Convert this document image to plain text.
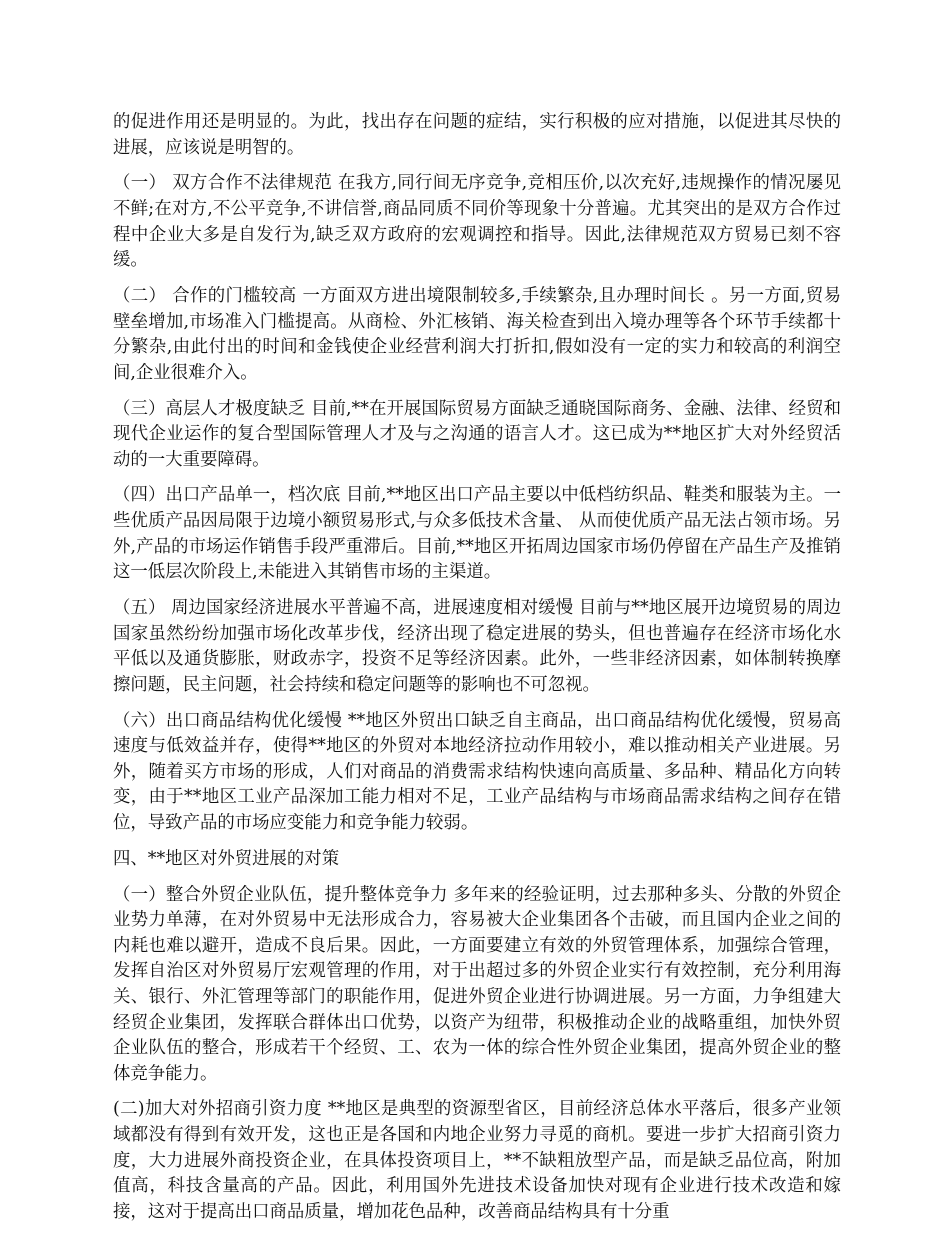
的促进作用还是明显的。为此，找出存在问题的症结，实行积极的应对措施，以促进其尽快的进展，应该说是明智的。

（一） 双方合作不法律规范 在我方,同行间无序竞争,竞相压价,以次充好,违规操作的情况屡见不鲜;在对方,不公平竞争,不讲信誉,商品同质不同价等现象十分普遍。尤其突出的是双方合作过程中企业大多是自发行为,缺乏双方政府的宏观调控和指导。因此,法律规范双方贸易已刻不容缓。

（二） 合作的门槛较高 一方面双方进出境限制较多,手续繁杂,且办理时间长 。另一方面,贸易壁垒增加,市场准入门槛提高。从商检、外汇核销、海关检查到出入境办理等各个环节手续都十分繁杂,由此付出的时间和金钱使企业经营利润大打折扣,假如没有一定的实力和较高的利润空间,企业很难介入。

（三）高层人才极度缺乏 目前,**在开展国际贸易方面缺乏通晓国际商务、金融、法律、经贸和现代企业运作的复合型国际管理人才及与之沟通的语言人才。这已成为**地区扩大对外经贸活动的一大重要障碍。

（四）出口产品单一，档次底 目前,**地区出口产品主要以中低档纺织品、鞋类和服装为主。一些优质产品因局限于边境小额贸易形式,与众多低技术含量、 从而使优质产品无法占领市场。另外,产品的市场运作销售手段严重滞后。目前,**地区开拓周边国家市场仍停留在产品生产及推销这一低层次阶段上,未能进入其销售市场的主渠道。

（五） 周边国家经济进展水平普遍不高，进展速度相对缓慢 目前与**地区展开边境贸易的周边国家虽然纷纷加强市场化改革步伐，经济出现了稳定进展的势头，但也普遍存在经济市场化水平低以及通货膨胀，财政赤字，投资不足等经济因素。此外，一些非经济因素，如体制转换摩擦问题，民主问题，社会持续和稳定问题等的影响也不可忽视。

（六）出口商品结构优化缓慢 **地区外贸出口缺乏自主商品，出口商品结构优化缓慢，贸易高速度与低效益并存，使得**地区的外贸对本地经济拉动作用较小，难以推动相关产业进展。另外，随着买方市场的形成，人们对商品的消费需求结构快速向高质量、多品种、精品化方向转变，由于**地区工业产品深加工能力相对不足，工业产品结构与市场商品需求结构之间存在错位，导致产品的市场应变能力和竞争能力较弱。

四、**地区对外贸进展的对策

（一）整合外贸企业队伍，提升整体竞争力 多年来的经验证明，过去那种多头、分散的外贸企业势力单薄，在对外贸易中无法形成合力，容易被大企业集团各个击破，而且国内企业之间的内耗也难以避开，造成不良后果。因此，一方面要建立有效的外贸管理体系，加强综合管理，发挥自治区对外贸易厅宏观管理的作用，对于出超过多的外贸企业实行有效控制，充分利用海关、银行、外汇管理等部门的职能作用，促进外贸企业进行协调进展。另一方面，力争组建大经贸企业集团，发挥联合群体出口优势，以资产为纽带，积极推动企业的战略重组，加快外贸企业队伍的整合，形成若干个经贸、工、农为一体的综合性外贸企业集团，提高外贸企业的整体竞争能力。

(二)加大对外招商引资力度 **地区是典型的资源型省区，目前经济总体水平落后，很多产业领域都没有得到有效开发，这也正是各国和内地企业努力寻觅的商机。要进一步扩大招商引资力度，大力进展外商投资企业，在具体投资项目上，**不缺粗放型产品，而是缺乏品位高，附加值高，科技含量高的产品。因此，利用国外先进技术设备加快对现有企业进行技术改造和嫁接，这对于提高出口商品质量，增加花色品种，改善商品结构具有十分重
